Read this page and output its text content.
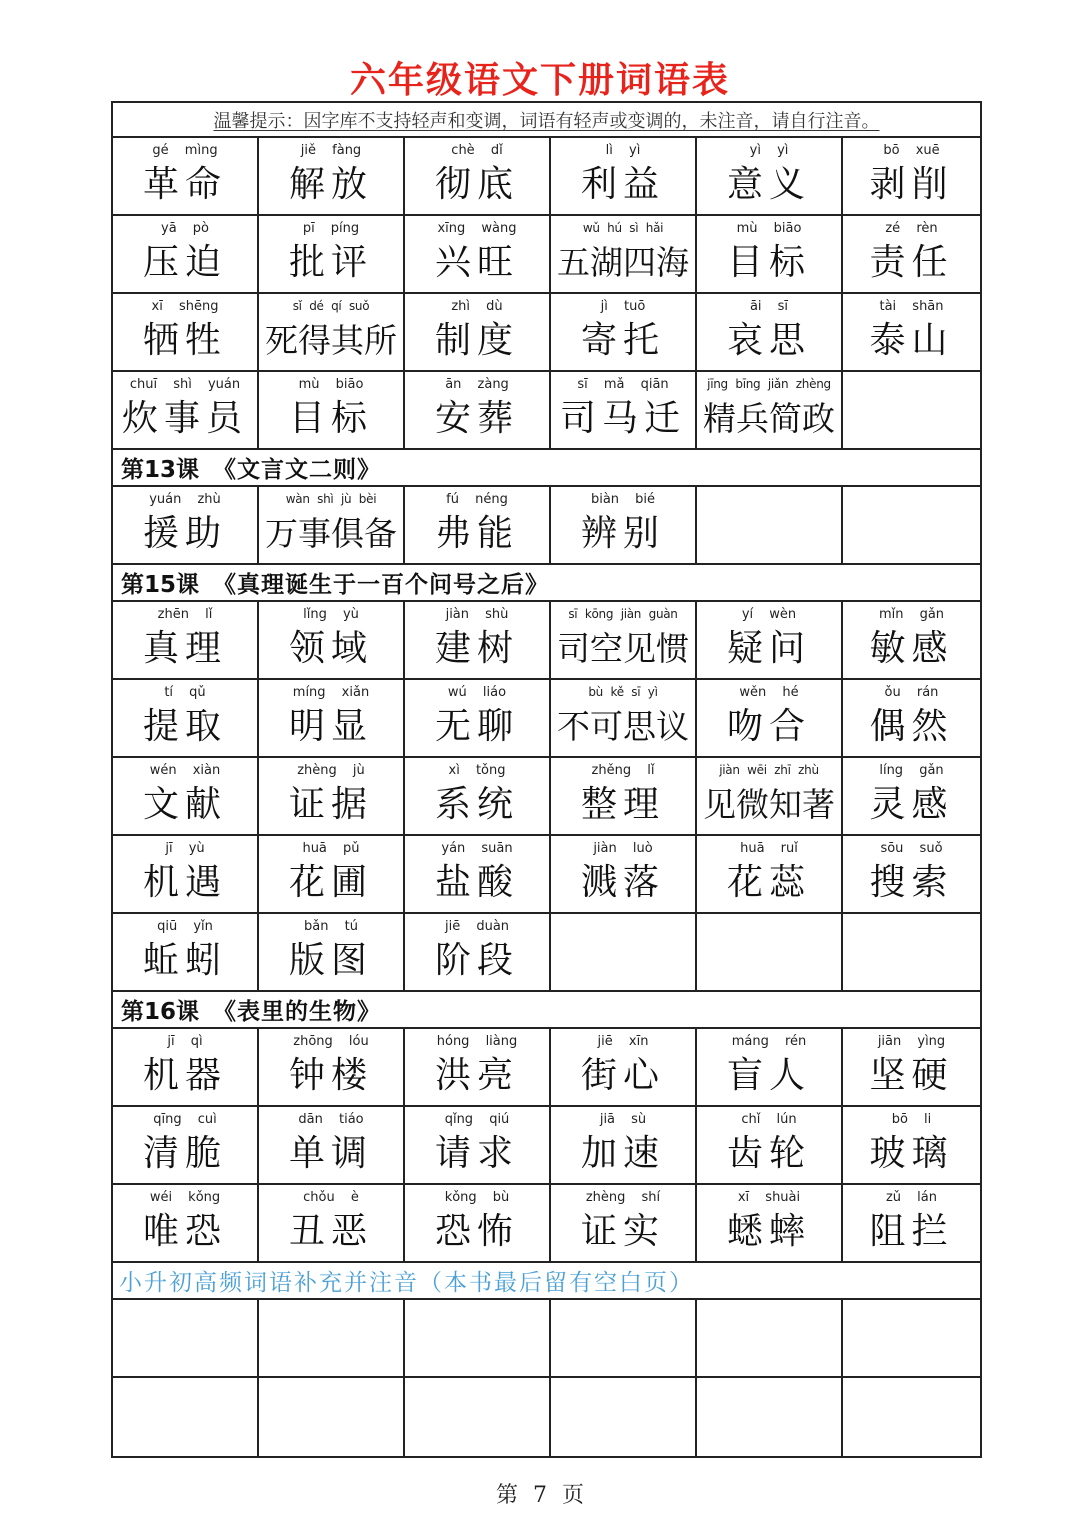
六年级语文下册词语表
温馨提示：因字库不支持轻声和变调，词语有轻声或变调的，未注音，请自行注音。
gé mìng
革命
jiě fàng
解放
chè dǐ
彻底
lì yì
利益
yì yì
意义
bō xuē
剥削
yā pò
压迫
pī píng
批评
xīng wàng
兴旺
wǔ hú sì hǎi
五湖四海
mù biāo
目标
zé rèn
责任
xī shēng
牺牲
sǐ dé qí suǒ
死得其所
zhì dù
制度
jì tuō
寄托
āi sī
哀思
tài shān
泰山
chuī shì yuán
炊事员
mù biāo
目标
ān zàng
安葬
sī mǎ qiān
司马迁
jīng bīng jiǎn zhèng
精兵简政
第13课 《文言文二则》
yuán zhù
援助
wàn shì jù bèi
万事俱备
fú néng
弗能
biàn bié
辨别
第15课 《真理诞生于一百个问号之后》
zhēn lǐ
真理
lǐng yù
领域
jiàn shù
建树
sī kōng jiàn guàn
司空见惯
yí wèn
疑问
mǐn gǎn
敏感
tí qǔ
提取
míng xiǎn
明显
wú liáo
无聊
bù kě sī yì
不可思议
wěn hé
吻合
ǒu rán
偶然
wén xiàn
文献
zhèng jù
证据
xì tǒng
系统
zhěng lǐ
整理
jiàn wēi zhī zhù
见微知著
líng gǎn
灵感
jī yù
机遇
huā pǔ
花圃
yán suān
盐酸
jiàn luò
溅落
huā ruǐ
花蕊
sōu suǒ
搜索
qiū yǐn
蚯蚓
bǎn tú
版图
jiē duàn
阶段
第16课 《表里的生物》
jī qì
机器
zhōng lóu
钟楼
hóng liàng
洪亮
jiē xīn
街心
máng rén
盲人
jiān yìng
坚硬
qīng cuì
清脆
dān tiáo
单调
qǐng qiú
请求
jiā sù
加速
chǐ lún
齿轮
bō li
玻璃
wéi kǒng
唯恐
chǒu è
丑恶
kǒng bù
恐怖
zhèng shí
证实
xī shuài
蟋蟀
zǔ lán
阻拦
小升初高频词语补充并注音（本书最后留有空白页）
第 7 页
